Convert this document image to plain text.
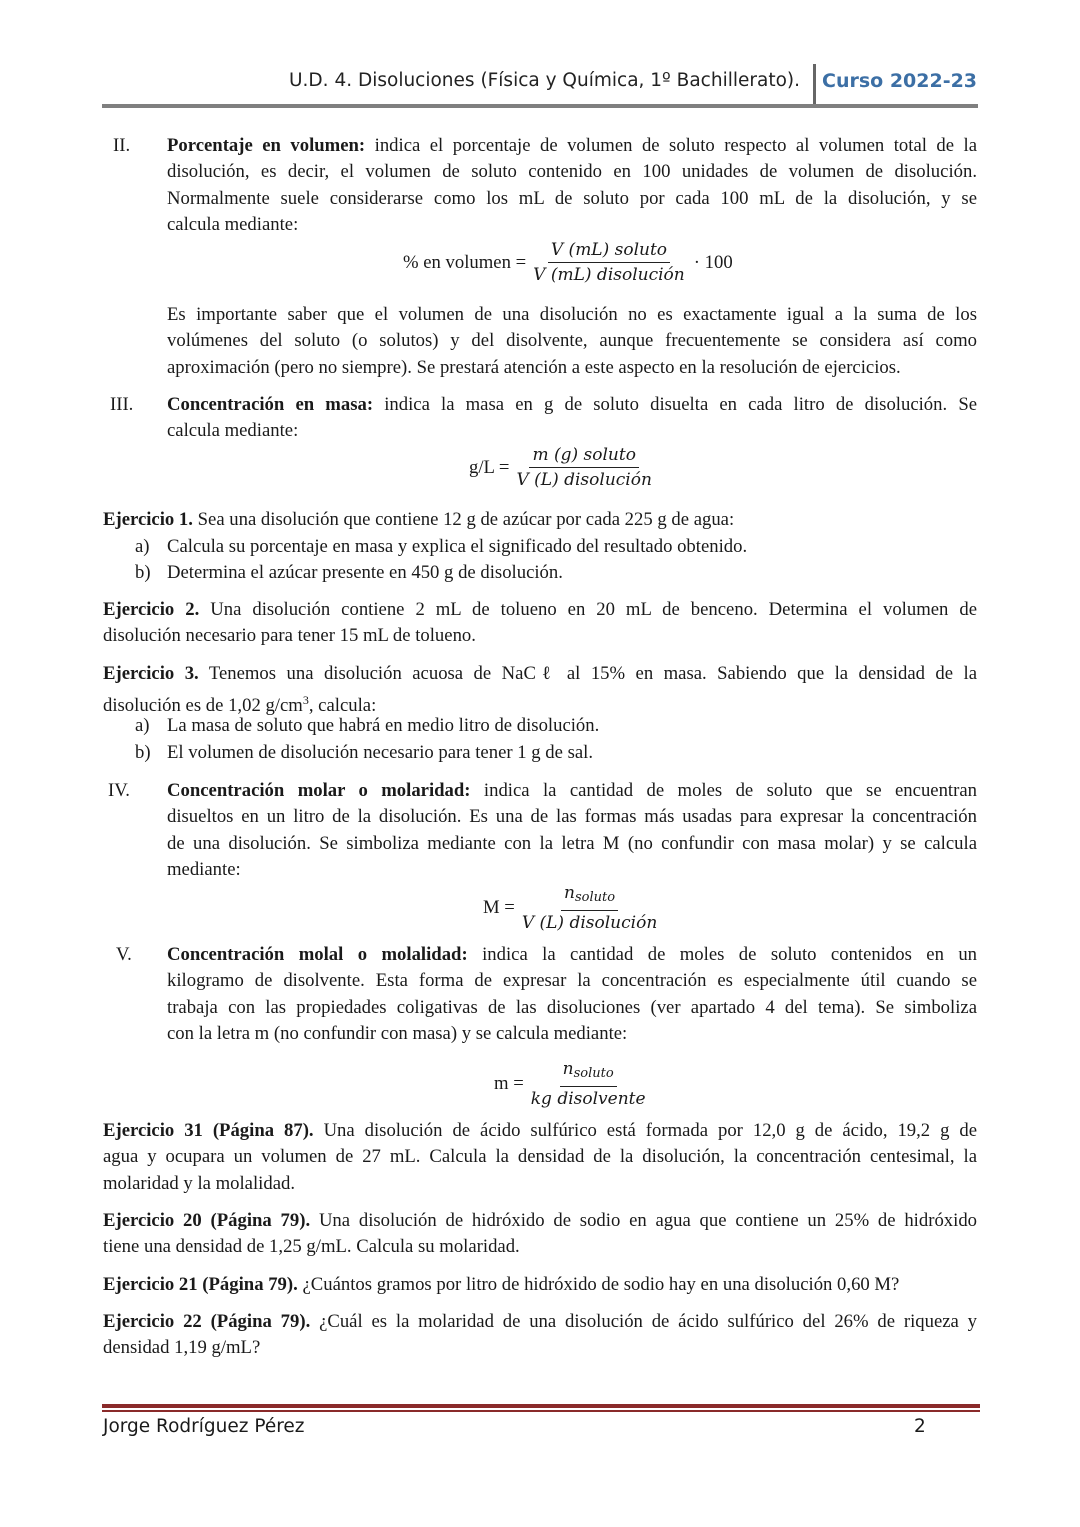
U.D. 4. Disoluciones (Física y Química, 1º Bachillerato). Curso 2022-23
II. Porcentaje en volumen: indica el porcentaje de volumen de soluto respecto al volumen total de la
disolución, es decir, el volumen de soluto contenido en 100 unidades de volumen de disolución.
Normalmente suele considerarse como los mL de soluto por cada 100 mL de la disolución, y se
calcula mediante:
% en volumen =
V (mL) soluto
V (mL) disolución
· 100
Es importante saber que el volumen de una disolución no es exactamente igual a la suma de los
volúmenes del soluto (o solutos) y del disolvente, aunque frecuentemente se considera así como
aproximación (pero no siempre). Se prestará atención a este aspecto en la resolución de ejercicios.
III. Concentración en masa: indica la masa en g de soluto disuelta en cada litro de disolución. Se
calcula mediante:
g/L =
m (g) soluto
V (L) disolución
Ejercicio 1. Sea una disolución que contiene 12 g de azúcar por cada 225 g de agua:
a) Calcula su porcentaje en masa y explica el significado del resultado obtenido.
b) Determina el azúcar presente en 450 g de disolución.
Ejercicio 2. Una disolución contiene 2 mL de tolueno en 20 mL de benceno. Determina el volumen de
disolución necesario para tener 15 mL de tolueno.
Ejercicio 3. Tenemos una disolución acuosa de NaCℓ al 15% en masa. Sabiendo que la densidad de la
disolución es de 1,02 $g/cm^3$, calcula:
a) La masa de soluto que habrá en medio litro de disolución.
b) El volumen de disolución necesario para tener 1 g de sal.
IV. Concentración molar o molaridad: indica la cantidad de moles de soluto que se encuentran
disueltos en un litro de la disolución. Es una de las formas más usadas para expresar la concentración
de una disolución. Se simboliza mediante con la letra M (no confundir con masa molar) y se calcula
mediante:
M =
$n_{soluto}$
V (L) disolución
V. Concentración molal o molalidad: indica la cantidad de moles de soluto contenidos en un
kilogramo de disolvente. Esta forma de expresar la concentración es especialmente útil cuando se
trabaja con las propiedades coligativas de las disoluciones (ver apartado 4 del tema). Se simboliza
con la letra m (no confundir con masa) y se calcula mediante:
m =
$n_{soluto}$
kg disolvente
Ejercicio 31 (Página 87). Una disolución de ácido sulfúrico está formada por 12,0 g de ácido, 19,2 g de
agua y ocupara un volumen de 27 mL. Calcula la densidad de la disolución, la concentración centesimal, la
molaridad y la molalidad.
Ejercicio 20 (Página 79). Una disolución de hidróxido de sodio en agua que contiene un 25% de hidróxido
tiene una densidad de 1,25 g/mL. Calcula su molaridad.
Ejercicio 21 (Página 79). ¿Cuántos gramos por litro de hidróxido de sodio hay en una disolución 0,60 M?
Ejercicio 22 (Página 79). ¿Cuál es la molaridad de una disolución de ácido sulfúrico del 26% de riqueza y
densidad 1,19 g/mL?
Jorge Rodríguez Pérez	2
